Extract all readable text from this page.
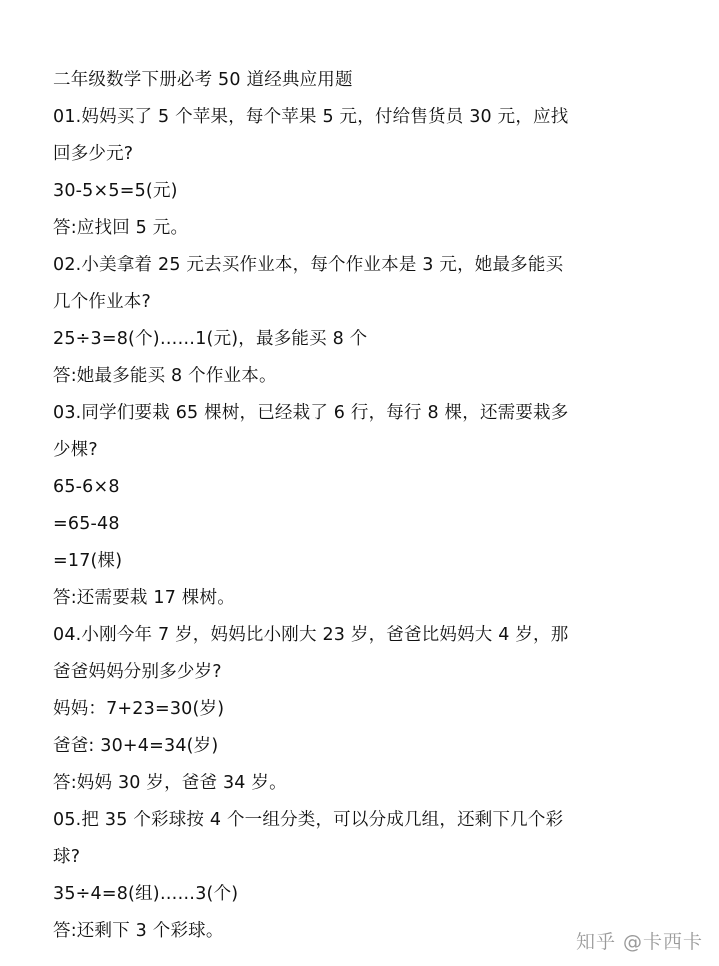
二年级数学下册必考 50 道经典应用题
01.妈妈买了 5 个苹果，每个苹果 5 元，付给售货员 30 元，应找
回多少元?
30-5×5=5(元)
答:应找回 5 元。
02.小美拿着 25 元去买作业本，每个作业本是 3 元，她最多能买
几个作业本?
25÷3=8(个)……1(元)，最多能买 8 个
答:她最多能买 8 个作业本。
03.同学们要栽 65 棵树，已经栽了 6 行，每行 8 棵，还需要栽多
少棵?
65-6×8
=65-48
=17(棵)
答:还需要栽 17 棵树。
04.小刚今年 7 岁，妈妈比小刚大 23 岁，爸爸比妈妈大 4 岁，那
爸爸妈妈分别多少岁?
妈妈：7+23=30(岁)
爸爸: 30+4=34(岁)
答:妈妈 30 岁，爸爸 34 岁。
05.把 35 个彩球按 4 个一组分类，可以分成几组，还剩下几个彩
球?
35÷4=8(组)……3(个)
答:还剩下 3 个彩球。	知乎 @卡西卡
